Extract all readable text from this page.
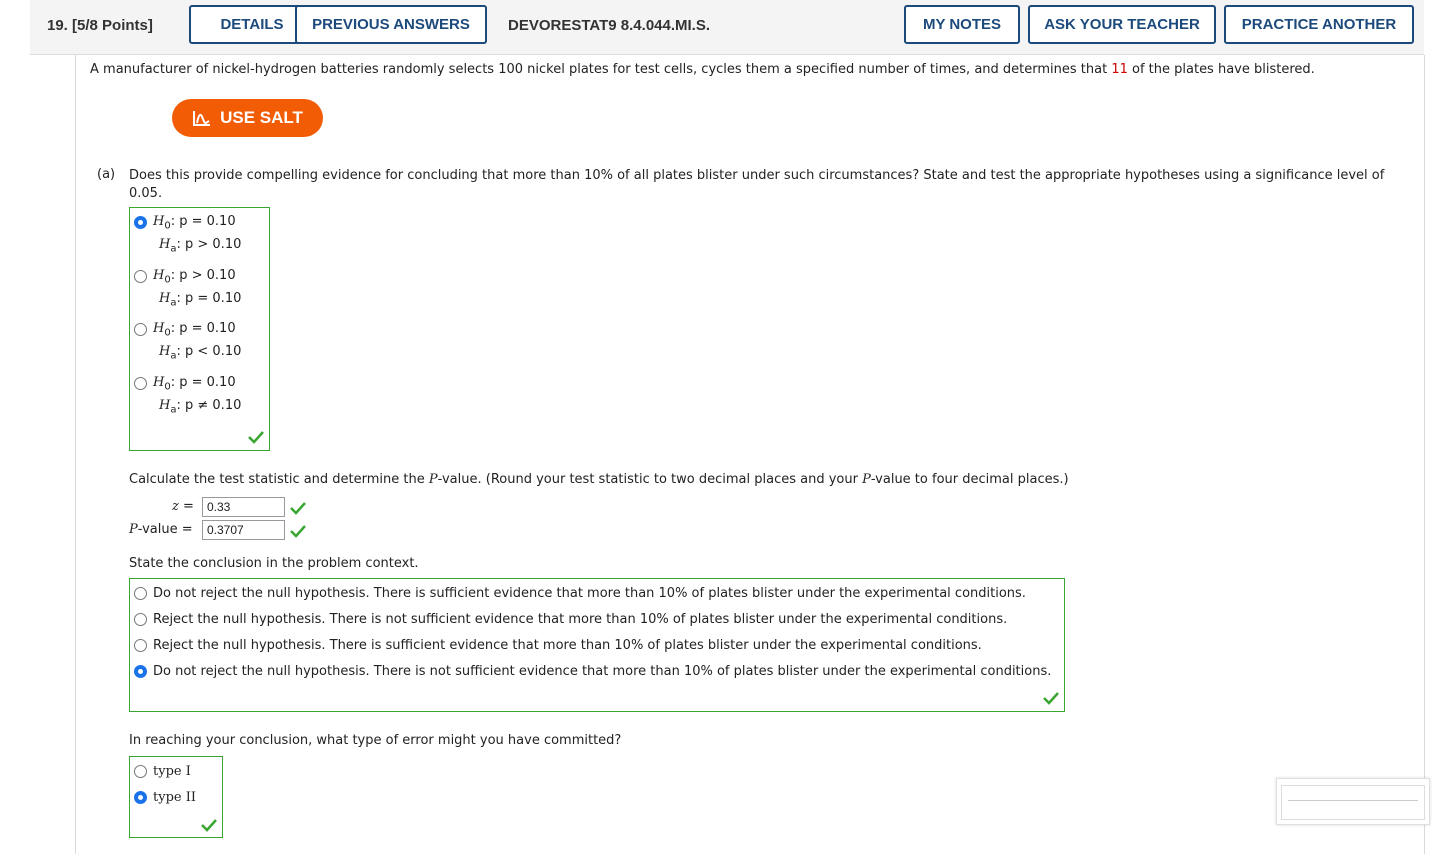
19. [5/8 Points]	DETAILS	PREVIOUS ANSWERS	DEVORESTAT9 8.4.044.MI.S.	MY NOTES	ASK YOUR TEACHER	PRACTICE ANOTHER
A manufacturer of nickel-hydrogen batteries randomly selects 100 nickel plates for test cells, cycles them a specified number of times, and determines that 11 of the plates have blistered.
USE SALT
(a) Does this provide compelling evidence for concluding that more than 10% of all plates blister under such circumstances? State and test the appropriate hypotheses using a significance level of
0.05.
$H_0$: p = 0.10
$H_a$: p > 0.10
$H_0$: p > 0.10
$H_a$: p = 0.10
$H_0$: p = 0.10
$H_a$: p < 0.10
$H_0$: p = 0.10
$H_a$: p ≠ 0.10
Calculate the test statistic and determine the P-value. (Round your test statistic to two decimal places and your P-value to four decimal places.)
z =
0.33
P-value =
0.3707
State the conclusion in the problem context.
Do not reject the null hypothesis. There is sufficient evidence that more than 10% of plates blister under the experimental conditions.
Reject the null hypothesis. There is not sufficient evidence that more than 10% of plates blister under the experimental conditions.
Reject the null hypothesis. There is sufficient evidence that more than 10% of plates blister under the experimental conditions.
Do not reject the null hypothesis. There is not sufficient evidence that more than 10% of plates blister under the experimental conditions.
In reaching your conclusion, what type of error might you have committed?
type I
type II
